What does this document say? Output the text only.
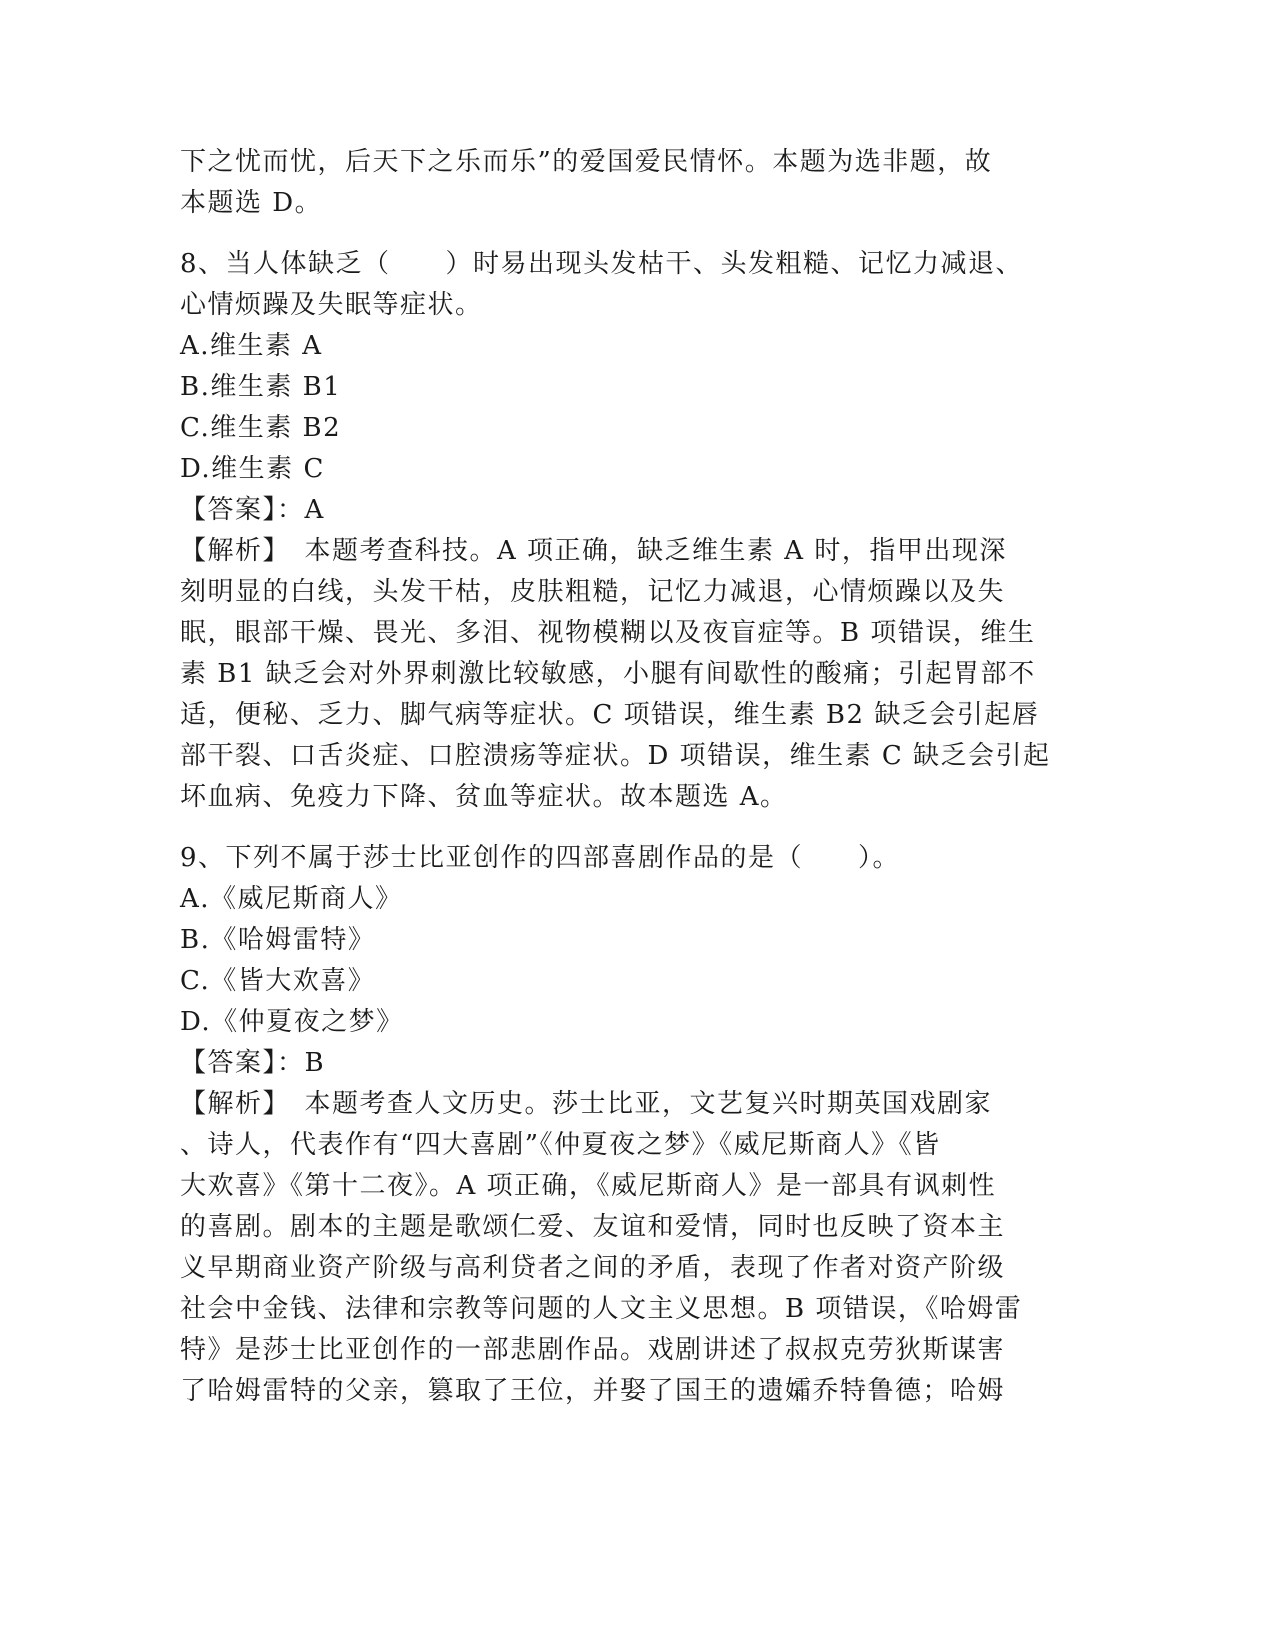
下之忧而忧，后天下之乐而乐”的爱国爱民情怀。本题为选非题，故
本题选 D。
8、当人体缺乏（　　）时易出现头发枯干、头发粗糙、记忆力减退、
心情烦躁及失眠等症状。
A.维生素 A
B.维生素 B1
C.维生素 B2
D.维生素 C
【答案】：A
【解析】　本题考查科技。A 项正确，缺乏维生素 A 时，指甲出现深
刻明显的白线，头发干枯，皮肤粗糙，记忆力减退，心情烦躁以及失
眠，眼部干燥、畏光、多泪、视物模糊以及夜盲症等。B 项错误，维生
素 B1 缺乏会对外界刺激比较敏感，小腿有间歇性的酸痛；引起胃部不
适，便秘、乏力、脚气病等症状。C 项错误，维生素 B2 缺乏会引起唇
部干裂、口舌炎症、口腔溃疡等症状。D 项错误，维生素 C 缺乏会引起
坏血病、免疫力下降、贫血等症状。故本题选 A。
9、下列不属于莎士比亚创作的四部喜剧作品的是（　　）。
A.《威尼斯商人》
B.《哈姆雷特》
C.《皆大欢喜》
D.《仲夏夜之梦》
【答案】：B
【解析】　本题考查人文历史。莎士比亚，文艺复兴时期英国戏剧家
、诗人，代表作有“四大喜剧”《仲夏夜之梦》《威尼斯商人》《皆
大欢喜》《第十二夜》。A 项正确，《威尼斯商人》是一部具有讽刺性
的喜剧。剧本的主题是歌颂仁爱、友谊和爱情，同时也反映了资本主
义早期商业资产阶级与高利贷者之间的矛盾，表现了作者对资产阶级
社会中金钱、法律和宗教等问题的人文主义思想。B 项错误，《哈姆雷
特》是莎士比亚创作的一部悲剧作品。戏剧讲述了叔叔克劳狄斯谋害
了哈姆雷特的父亲，篡取了王位，并娶了国王的遗孀乔特鲁德；哈姆
